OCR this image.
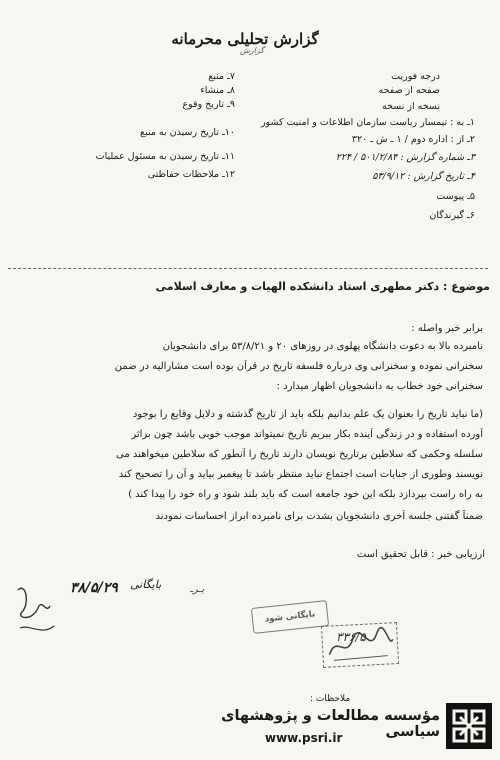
گزارش تحلیلی محرمانه
گزارش
درجه فوریت
صفحه از صفحه
نسخه از نسخه
۱ـ به : تیمسار ریاست سازمان اطلاعات و امنیت کشور
۲ـ از : اداره دوم / ۱ ـ ش ـ ۳۲۰
۳ـ شماره گزارش : ۵۰۱/۲/۸۴ / ۲۲۴
۴ـ تاریخ گزارش : ۵۳/۹/۱۲
۵ـ پیوست
۶ـ گیرندگان
۷ـ منبع
۸ـ منشاء
۹ـ تاریخ وقوع
۱۰ـ تاریخ رسیدن به منبع
۱۱ـ تاریخ رسیدن به مسئول عملیات
۱۲ـ ملاحظات حفاظتی
موضوع : دکتر مطهری استاد دانشکده الهیات و معارف اسلامی
برابر خبر واصله :
نامبرده بالا به دعوت دانشگاه پهلوی در روزهای ۲۰ و ۵۳/۸/۲۱ برای دانشجویان
سخنرانی نموده و سخنرانی وی درباره فلسفه تاریخ در قرآن بوده است مشارالیه در ضمن
سخنرانی خود خطاب به دانشجویان اظهار میدارد :
(ما نباید تاریخ را بعنوان یک علم بدانیم بلکه باید از تاریخ گذشته و دلایل وقایع را بوجود
آورده استفاده و در زندگی آینده بکار ببریم تاریخ نمیتواند موجب خوبی باشد چون براثر
سلسله وحکمی که سلاطین برتاریخ نویسان دارند تاریخ را آنطور که سلاطین میخواهند می
نویسند وطوری از جنایات است اجتماع نباید منتظر باشد تا پیغمبر بیاید و آن را تصحیح کند
به راه راست بپردازد بلکه این خود جامعه است که باید بلند شود و راه خود را پیدا کند )
ضمناً گفتنی جلسه آخری دانشجویان بشدت برای نامبرده ابراز احساسات نمودند
ارزیابی خبر : قابل تحقیق است
بایگانی شود
۳۳۶/۵
۳۸/۵/۲۹ بایگانی	یـرـ
ملاحظات :
مؤسسه مطالعات و پژوهشهای سیاسی
www.psri.ir
